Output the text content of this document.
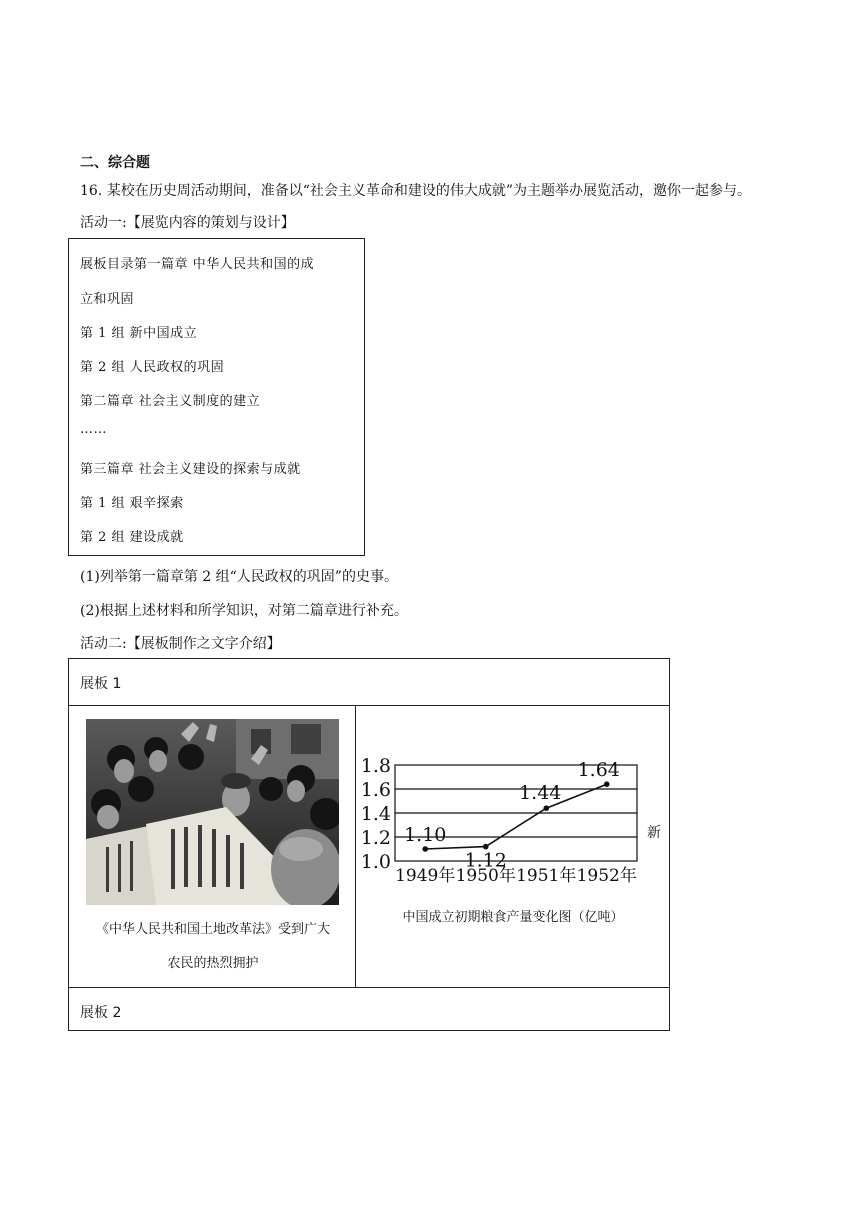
二、综合题
16. 某校在历史周活动期间，准备以“社会主义革命和建设的伟大成就”为主题举办展览活动，邀你一起参与。
活动一:【展览内容的策划与设计】
展板目录第一篇章 中华人民共和国的成
立和巩固
第 1 组 新中国成立
第 2 组 人民政权的巩固
第二篇章 社会主义制度的建立
……
第三篇章 社会主义建设的探索与成就
第 1 组 艰辛探索
第 2 组 建设成就
(1)列举第一篇章第 2 组“人民政权的巩固”的史事。
(2)根据上述材料和所学知识，对第二篇章进行补充。
活动二:【展板制作之文字介绍】
展板 1
《中华人民共和国土地改革法》受到广大
农民的热烈拥护
1.8
1.6
1.4
1.2
1.0
1949年 1950年 1951年 1952年
1.10
1.12
1.44
1.64
新
中国成立初期粮食产量变化图（亿吨）
展板 2
